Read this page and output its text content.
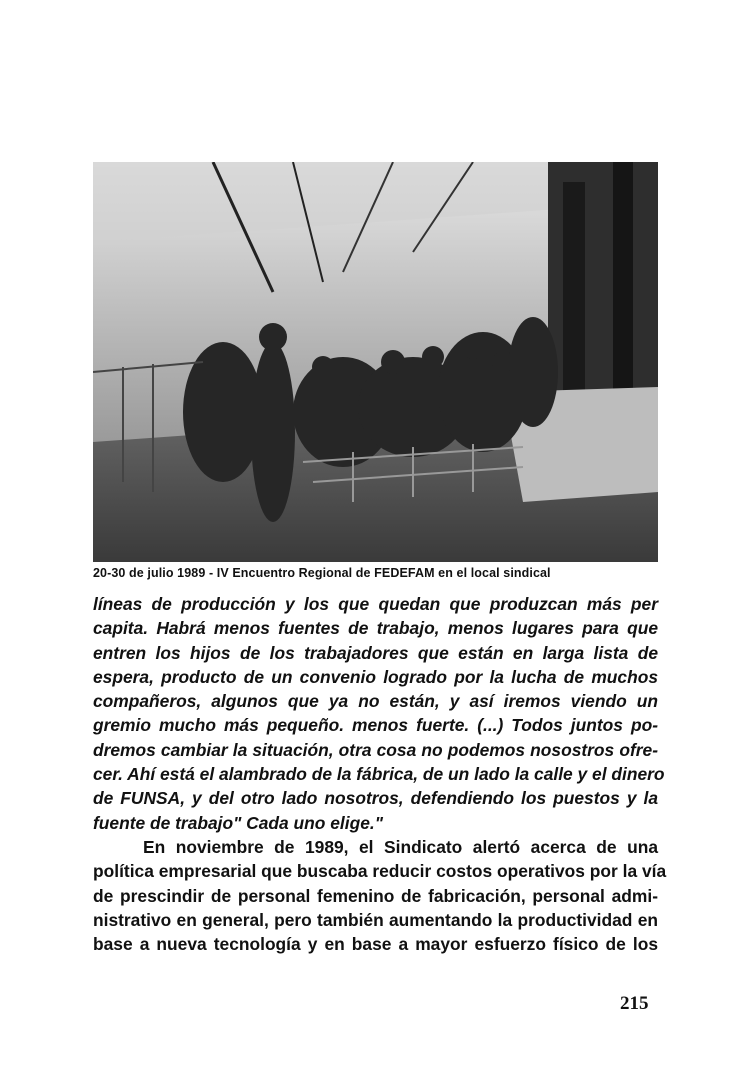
20-30 de julio 1989 - IV Encuentro Regional de FEDEFAM en el local sindical
líneas de producción y los que quedan que produzcan más per
capita. Habrá menos fuentes de trabajo, menos lugares para que
entren los hijos de los trabajadores que están en larga lista de
espera, producto de un convenio logrado por la lucha de muchos
compañeros, algunos que ya no están, y así iremos viendo un
gremio mucho más pequeño. menos fuerte. (...) Todos juntos po-
dremos cambiar la situación, otra cosa no podemos nosostros ofre-
cer. Ahí está el alambrado de la fábrica, de un lado la calle y el dinero
de FUNSA, y del otro lado nosotros, defendiendo los puestos y la
fuente de trabajo" Cada uno elige."
En noviembre de 1989, el Sindicato alertó acerca de una
política empresarial que buscaba reducir costos operativos por la vía
de prescindir de personal femenino de fabricación, personal admi-
nistrativo en general, pero también aumentando la productividad en
base a nueva tecnología y en base a mayor esfuerzo físico de los
215
